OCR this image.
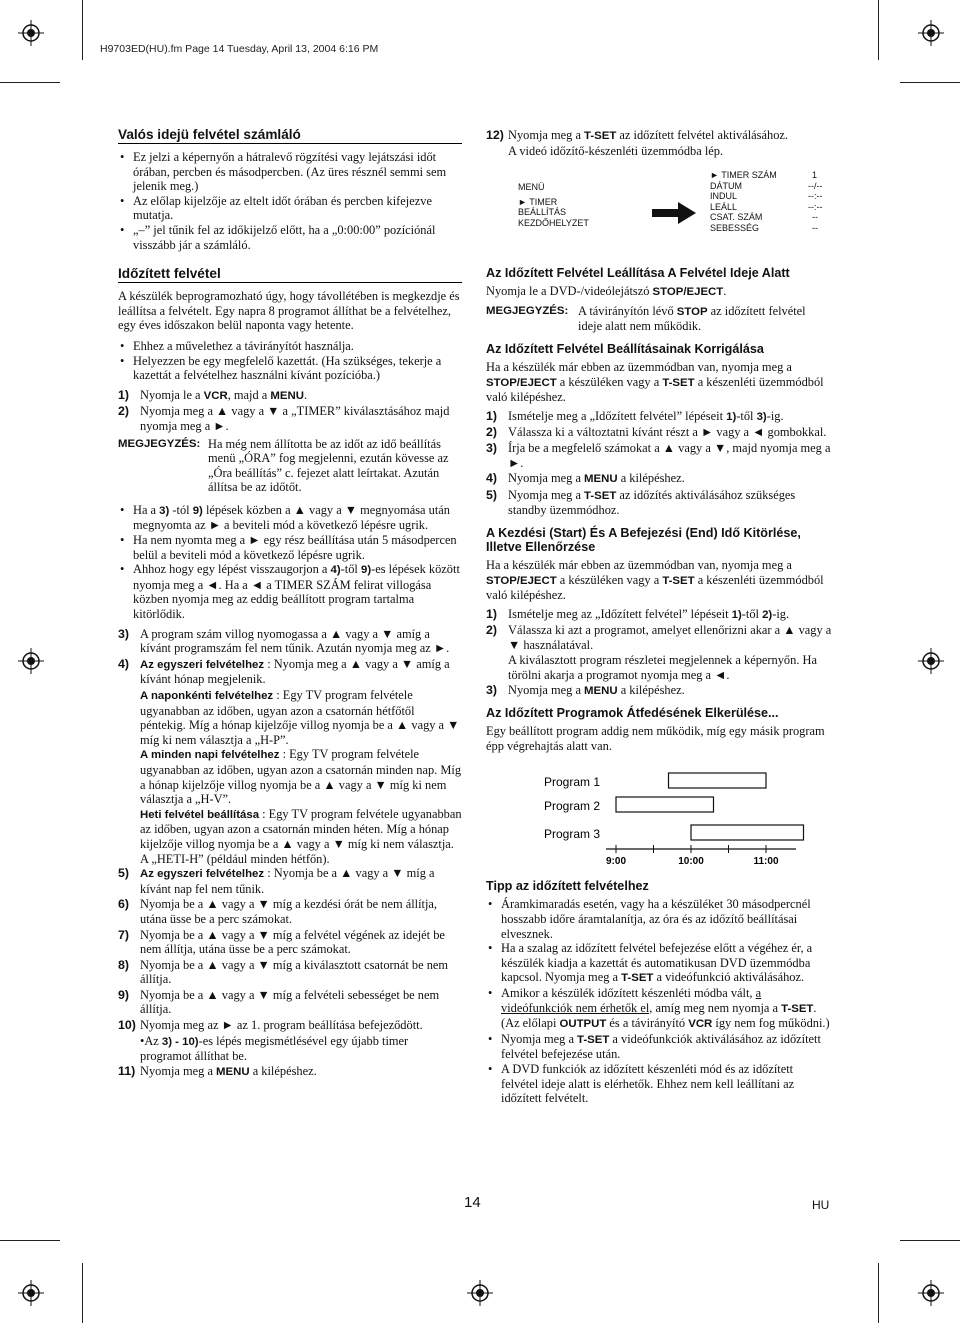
H9703ED(HU).fm Page 14 Tuesday, April 13, 2004 6:16 PM
Valós idejü felvétel számláló
• Ez jelzi a képernyőn a hátralevő rögzítési vagy lejátszási időt órában, percben és másodpercben. (Az üres résznél semmi sem jelenik meg.)
• Az előlap kijelzője az eltelt időt órában és percben kifejezve mutatja.
• „–” jel tűnik fel az időkijelző előtt, ha a „0:00:00” pozíciónál visszább jár a számláló.
Időzített felvétel

A készülék beprogramozható úgy, hogy távollétében is megkezdje és leállítsa a felvételt. Egy napra 8 programot állíthat be a felvételhez, egy éves időszakon belül naponta vagy hetente.

• Ehhez a művelethez a távirányítót használja.
• Helyezzen be egy megfelelő kazettát. (Ha szükséges, tekerje a kazettát a felvételhez használni kívánt pozícióba.)
1) Nyomja le a VCR, majd a MENU.
2) Nyomja meg a ▲ vagy a ▼ a „TIMER” kiválasztásához majd nyomja meg a ►.
MEGJEGYZÉS: Ha még nem állította be az időt az idő beállítás menü „ÓRA” fog megjelenni, ezután kövesse az „Óra beállítás” c. fejezet alatt leírtakat. Azután állítsa be az időtőt.
• Ha a 3) -tól 9) lépések közben a ▲ vagy a ▼ megnyomása után megnyomta az ► a beviteli mód a következő lépésre ugrik.
• Ha nem nyomta meg a ► egy rész beállítása után 5 másodpercen belül a beviteli mód a következő lépésre ugrik.
• Ahhoz hogy egy lépést visszaugorjon a 4)-től 9)-es lépések között nyomja meg a ◄. Ha a ◄ a TIMER SZÁM felirat villogása közben nyomja meg az eddig beállított program tartalma kitörlődik.
3) A program szám villog nyomogassa a ▲ vagy a ▼ amíg a kívánt programszám fel nem tűnik. Azután nyomja meg az ►.
4) Az egyszeri felvételhez : Nyomja meg a ▲ vagy a ▼ amíg a kívánt hónap megjelenik.
A naponkénti felvételhez : Egy TV program felvétele ugyanabban az időben, ugyan azon a csatornán hétfőtől péntekig. Míg a hónap kijelzője villog nyomja be a ▲ vagy a ▼ míg ki nem választja a „H-P”.
A minden napi felvételhez : Egy TV program felvétele ugyanabban az időben, ugyan azon a csatornán minden nap. Míg a hónap kijelzője villog nyomja be a ▲ vagy a ▼ míg ki nem választja a „H-V”.
Heti felvétel beállítása : Egy TV program felvétele ugyanabban az időben, ugyan azon a csatornán minden héten. Míg a hónap kijelzője villog nyomja be a ▲ vagy a ▼ míg ki nem választja.
A „HETI-H” (például minden hétfőn).
5) Az egyszeri felvételhez : Nyomja be a ▲ vagy a ▼ míg a kívánt nap fel nem tűnik.
6) Nyomja be a ▲ vagy a ▼ míg a kezdési órát be nem állítja, utána üsse be a perc számokat.
7) Nyomja be a ▲ vagy a ▼ míg a felvétel végének az idejét be nem állítja, utána üsse be a perc számokat.
8) Nyomja be a ▲ vagy a ▼ míg a kiválasztott csatornát be nem állítja.
9) Nyomja be a ▲ vagy a ▼ míg a felvételi sebességet be nem állítja.
10) Nyomja meg az ► az 1. program beállítása befejeződött.
•Az 3) - 10)-es lépés megismétlésével egy újabb timer programot állíthat be.
11) Nyomja meg a MENU a kilépéshez.
12) Nyomja meg a T-SET az időzített felvétel aktiválásához.
A videó időzítő-készenléti üzemmódba lép.
MENÜ
► TIMER
BEÁLLÍTÁS
KEZDŐHELYZET
► TIMER SZÁM	1
DÁTUM	--/--
INDUL	--:--
LEÁLL	--:--
CSAT. SZÁM	--
SEBESSÉG	--
Az Időzített Felvétel Leállítása A Felvétel Ideje Alatt

Nyomja le a DVD-/videólejátszó STOP/EJECT.

MEGJEGYZÉS: A távirányítón lévő STOP az időzített felvétel ideje alatt nem működik.
Az Időzített Felvétel Beállításainak Korrigálása

Ha a készülék már ebben az üzemmódban van, nyomja meg a STOP/EJECT a készüléken vagy a T-SET a készenléti üzemmódból való kilépéshez.

1) Ismételje meg a „Időzített felvétel” lépéseit 1)-től 3)-ig.
2) Válassza ki a változtatni kívánt részt a ► vagy a ◄ gombokkal.
3) Írja be a megfelelő számokat a ▲ vagy a ▼, majd nyomja meg a ►.
4) Nyomja meg a MENU a kilépéshez.
5) Nyomja meg a T-SET az időzítés aktiválásához szükséges standby üzemmódhoz.
A Kezdési (Start) És A Befejezési (End) Idő Kitörlése, Illetve Ellenőrzése

Ha a készülék már ebben az üzemmódban van, nyomja meg a STOP/EJECT a készüléken vagy a T-SET a készenléti üzemmódból való kilépéshez.

1) Ismételje meg az „Időzített felvétel” lépéseit 1)-től 2)-ig.
2) Válassza ki azt a programot, amelyet ellenőrizni akar a ▲ vagy a ▼ használatával.
A kiválasztott program részletei megjelennek a képernyőn. Ha törölni akarja a programot nyomja meg a ◄.
3) Nyomja meg a MENU a kilépéshez.
Az Időzített Programok Átfedésének Elkerülése...

Egy beállított program addig nem működik, míg egy másik program épp végrehajtás alatt van.

Program 1
Program 2
Program 3
9:00	10:00	11:00
Tipp az időzített felvételhez
• Áramkimaradás esetén, vagy ha a készüléket 30 másodpercnél hosszabb időre áramtalanítja, az óra és az időzítő beállításai elvesznek.
• Ha a szalag az időzített felvétel befejezése előtt a végéhez ér, a készülék kiadja a kazettát és automatikusan DVD üzemmódba kapcsol. Nyomja meg a T-SET a videófunkció aktiválásához.
• Amikor a készülék időzített készenléti módba vált, a videófunkciók nem érhetők el, amíg meg nem nyomja a T-SET. (Az előlapi OUTPUT és a távirányító VCR így nem fog működni.)
• Nyomja meg a T-SET a videófunkciók aktiválásához az időzített felvétel befejezése után.
• A DVD funkciók az időzített készenléti mód és az időzített felvétel ideje alatt is elérhetők. Ehhez nem kell leállítani az időzített felvételt.
14	HU
